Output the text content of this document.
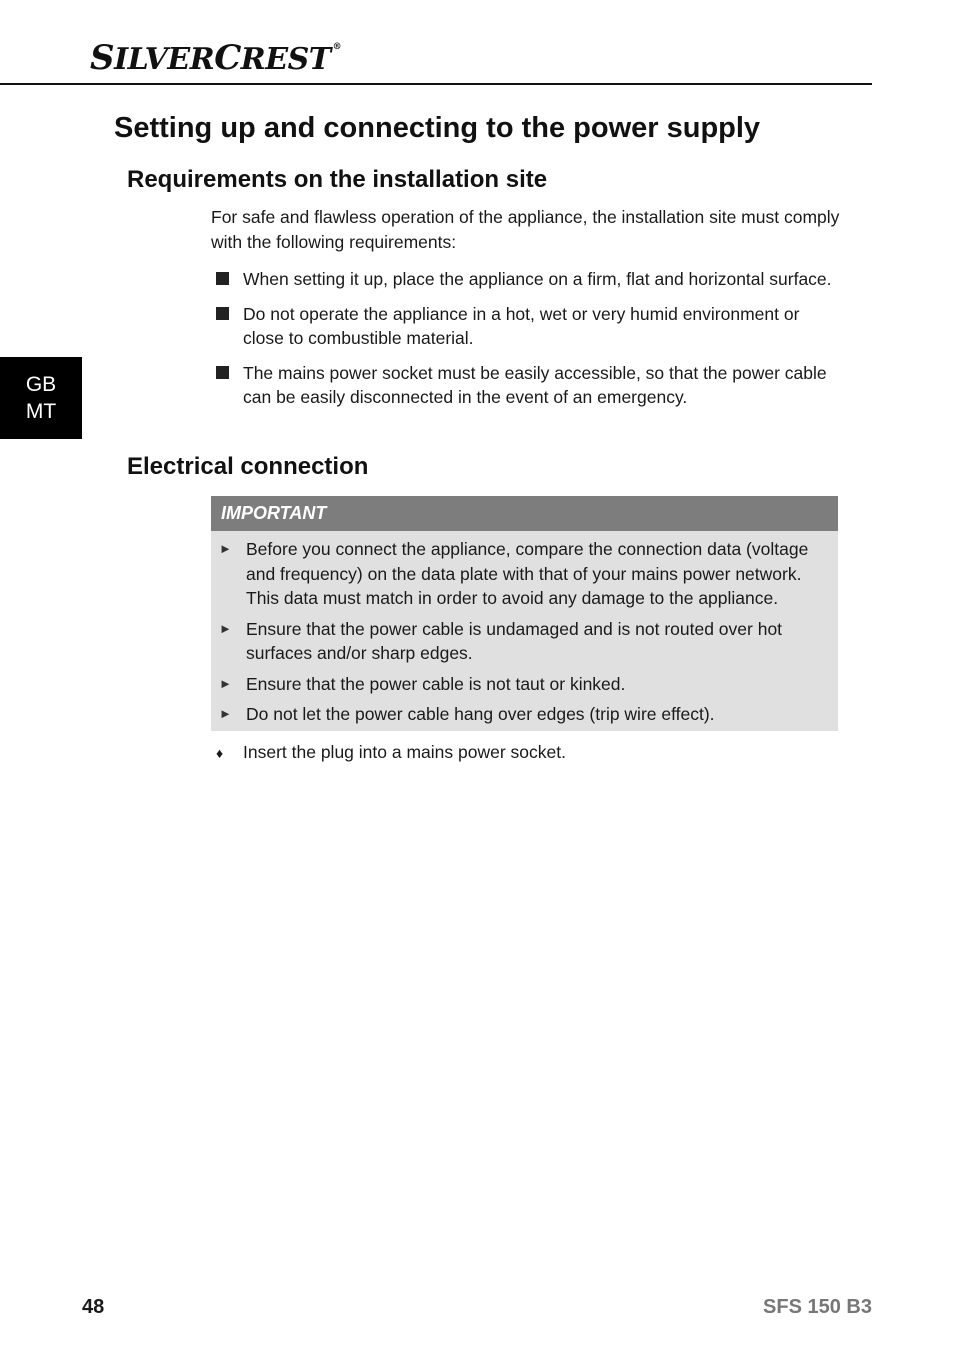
SILVERCREST ®
Setting up and connecting to the power supply
Requirements on the installation site
For safe and flawless operation of the appliance, the installation site must comply with the following requirements:
When setting it up, place the appliance on a firm, flat and horizontal surface.
Do not operate the appliance in a hot, wet or very humid environment or close to combustible material.
The mains power socket must be easily accessible, so that the power cable can be easily disconnected in the event of an emergency.
GB
MT
Electrical connection
IMPORTANT
► Before you connect the appliance, compare the connection data (voltage and frequency) on the data plate with that of your mains power network. This data must match in order to avoid any damage to the appliance.
► Ensure that the power cable is undamaged and is not routed over hot surfaces and/or sharp edges.
► Ensure that the power cable is not taut or kinked.
► Do not let the power cable hang over edges (trip wire effect).
♦ Insert the plug into a mains power socket.
48	SFS 150 B3
